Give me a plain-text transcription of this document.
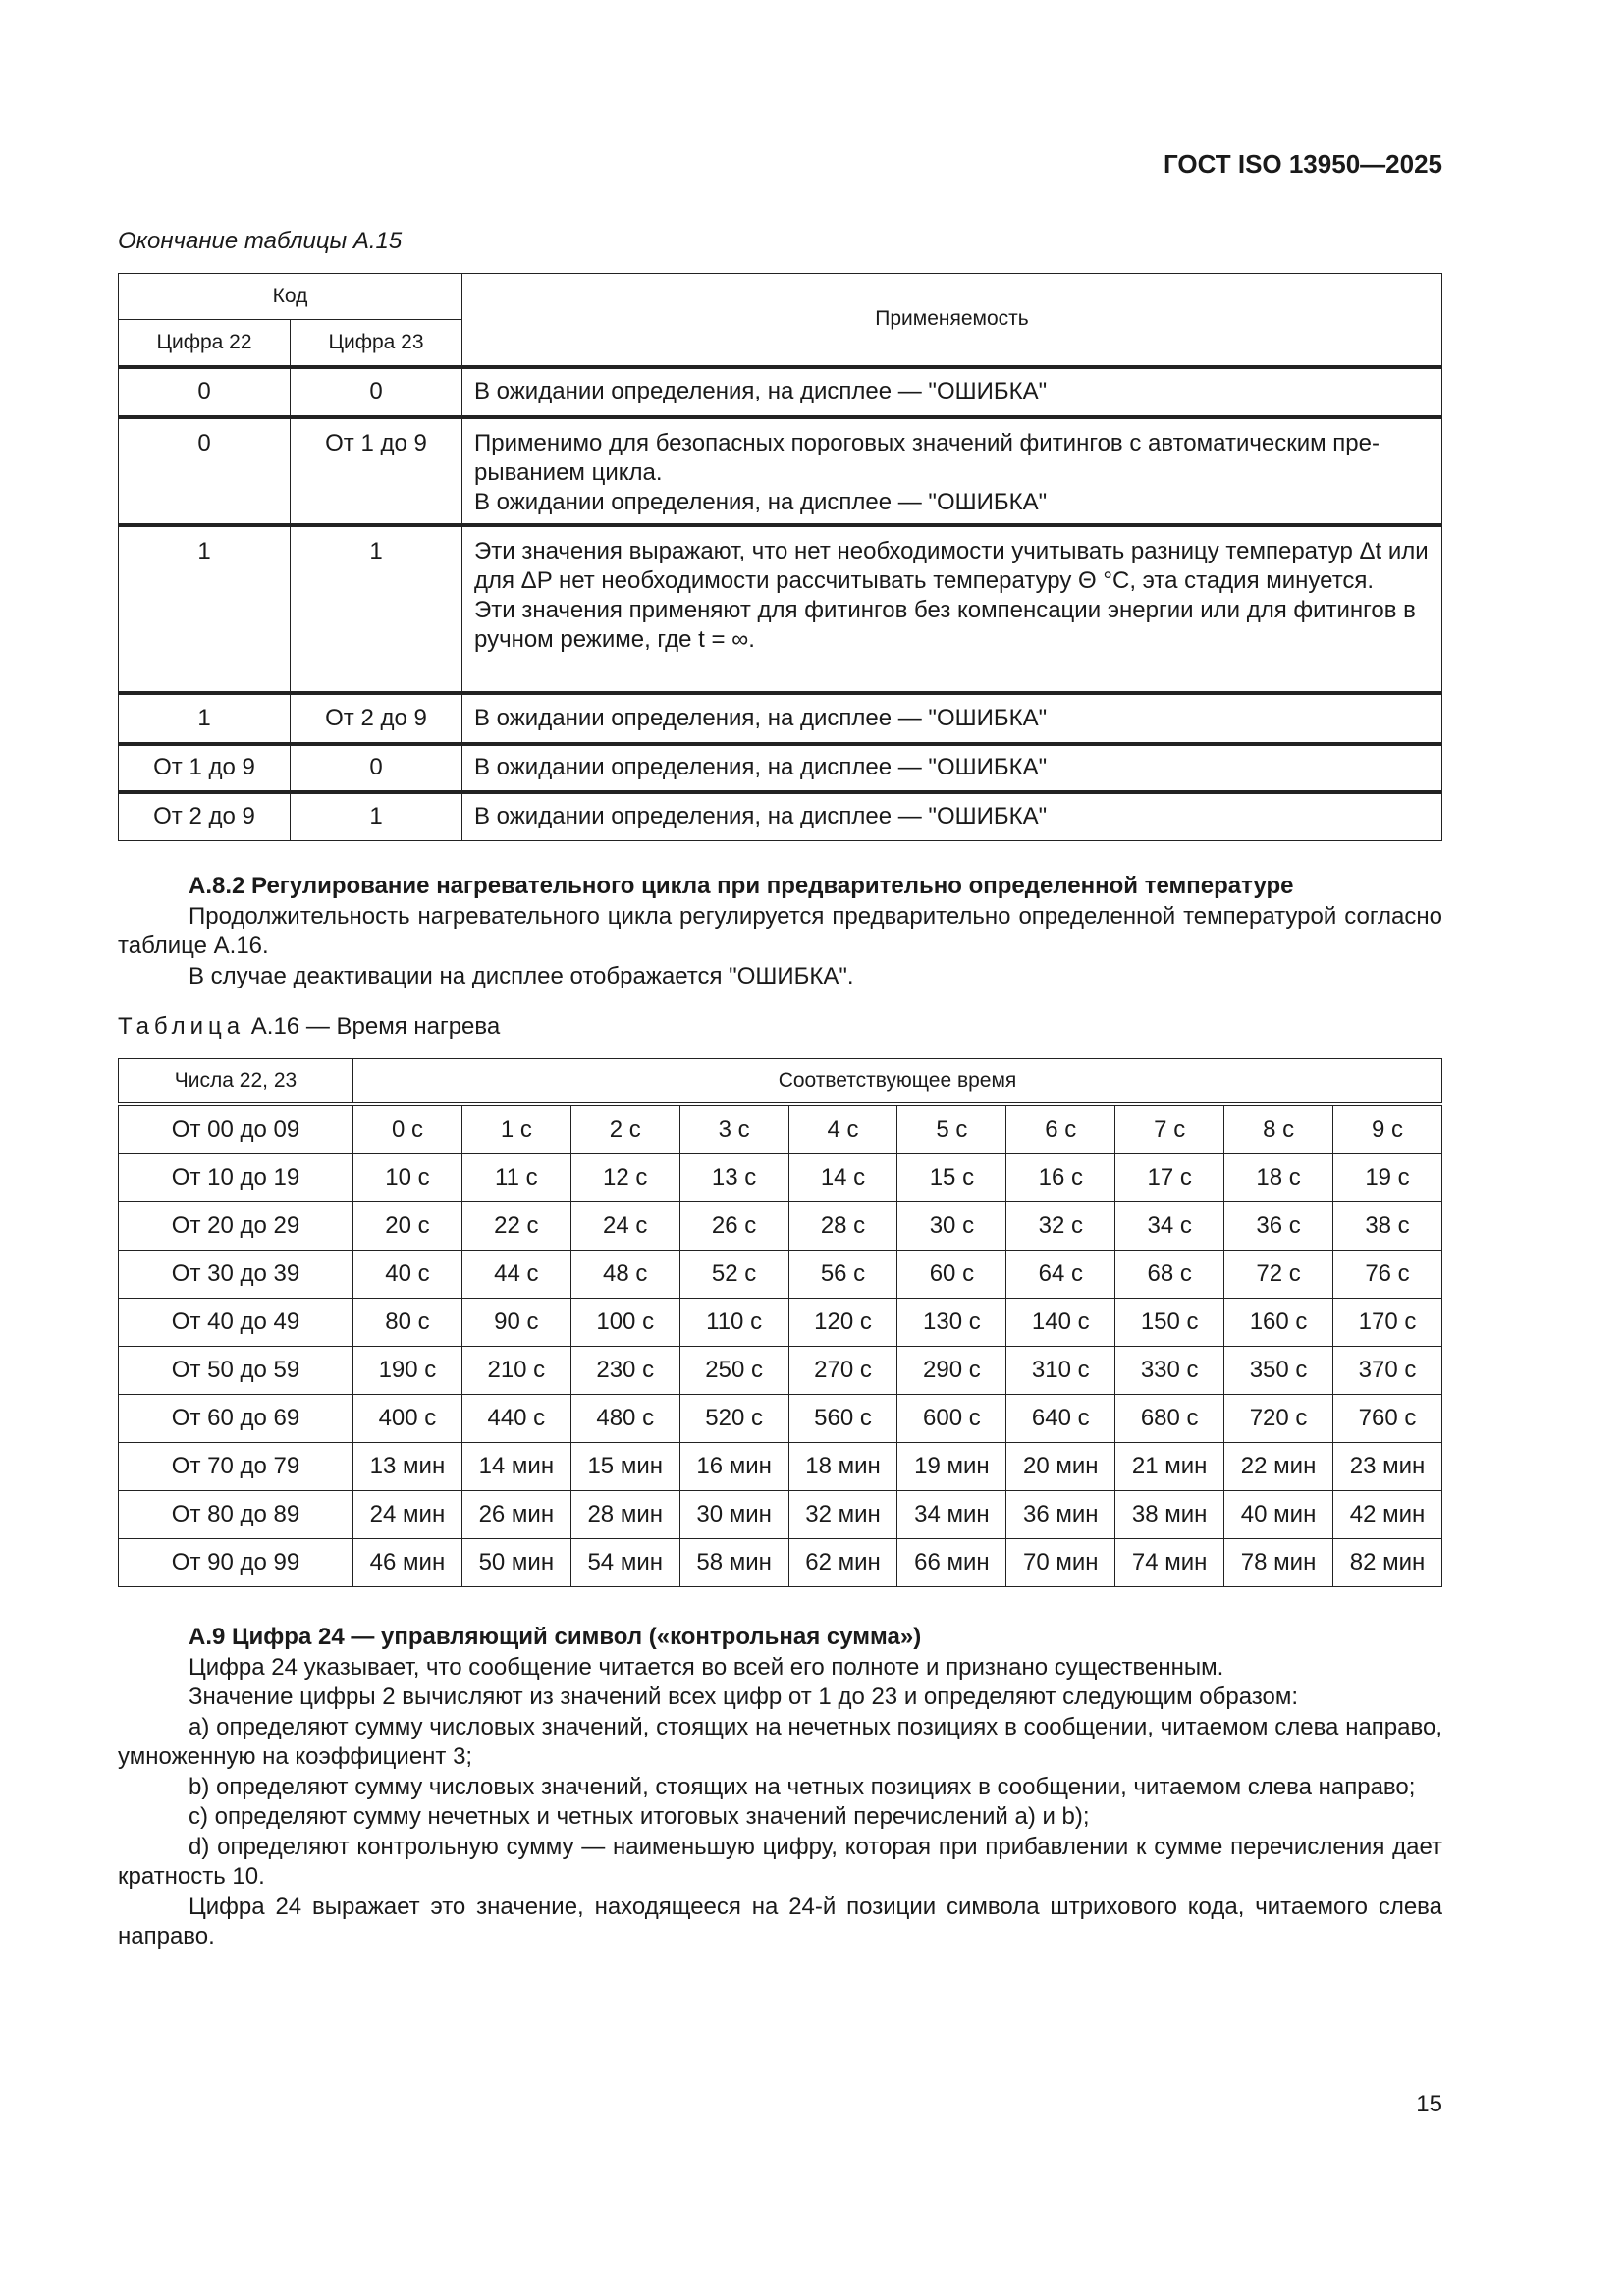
ГОСТ ISO 13950—2025
Окончание таблицы А.15
Код		Применяемость
Цифра 22	Цифра 23	
0	0	В ожидании определения, на дисплее — "ОШИБКА"

0	От 1 до 9	Применимо для безопасных пороговых значений фитингов с автоматическим пре-рыванием цикла.
В ожидании определения, на дисплее — "ОШИБКА"

1	1	Эти значения выражают, что нет необходимости учитывать разницу температур Δt или для ΔP нет необходимости рассчитывать температуру Θ °С, эта стадия минуется.
Эти значения применяют для фитингов без компенсации энергии или для фитингов в ручном режиме, где t = ∞.

1	От 2 до 9	В ожидании определения, на дисплее — "ОШИБКА"

От 1 до 9	0	В ожидании определения, на дисплее — "ОШИБКА"

От 2 до 9	1	В ожидании определения, на дисплее — "ОШИБКА"

А.8.2 Регулирование нагревательного цикла при предварительно определенной температуре

Продолжительность нагревательного цикла регулируется предварительно определенной температурой согласно таблице А.16.

В случае деактивации на дисплее отображается "ОШИБКА".

Таблица А.16 — Время нагрева
Числа 22, 23	Соответствующее время									
От 00 до 09	0 с	1 с	2 с	3 с	4 с	5 с	6 с	7 с	8 с	9 с
От 10 до 19	10 с	11 с	12 с	13 с	14 с	15 с	16 с	17 с	18 с	19 с
От 20 до 29	20 с	22 с	24 с	26 с	28 с	30 с	32 с	34 с	36 с	38 с
От 30 до 39	40 с	44 с	48 с	52 с	56 с	60 с	64 с	68 с	72 с	76 с
От 40 до 49	80 с	90 с	100 с	110 с	120 с	130 с	140 с	150 с	160 с	170 с
От 50 до 59	190 с	210 с	230 с	250 с	270 с	290 с	310 с	330 с	350 с	370 с
От 60 до 69	400 с	440 с	480 с	520 с	560 с	600 с	640 с	680 с	720 с	760 с
От 70 до 79	13 мин	14 мин	15 мин	16 мин	18 мин	19 мин	20 мин	21 мин	22 мин	23 мин
От 80 до 89	24 мин	26 мин	28 мин	30 мин	32 мин	34 мин	36 мин	38 мин	40 мин	42 мин
От 90 до 99	46 мин	50 мин	54 мин	58 мин	62 мин	66 мин	70 мин	74 мин	78 мин	82 мин

А.9 Цифра 24 — управляющий символ («контрольная сумма»)

Цифра 24 указывает, что сообщение читается во всей его полноте и признано существенным.

Значение цифры 2 вычисляют из значений всех цифр от 1 до 23 и определяют следующим образом:

a) определяют сумму числовых значений, стоящих на нечетных позициях в сообщении, читаемом слева направо, умноженную на коэффициент 3;

b) определяют сумму числовых значений, стоящих на четных позициях в сообщении, читаемом слева направо;

c) определяют сумму нечетных и четных итоговых значений перечислений a) и b);

d) определяют контрольную сумму — наименьшую цифру, которая при прибавлении к сумме перечисления дает кратность 10.

Цифра 24 выражает это значение, находящееся на 24-й позиции символа штрихового кода, читаемого слева направо.

15
